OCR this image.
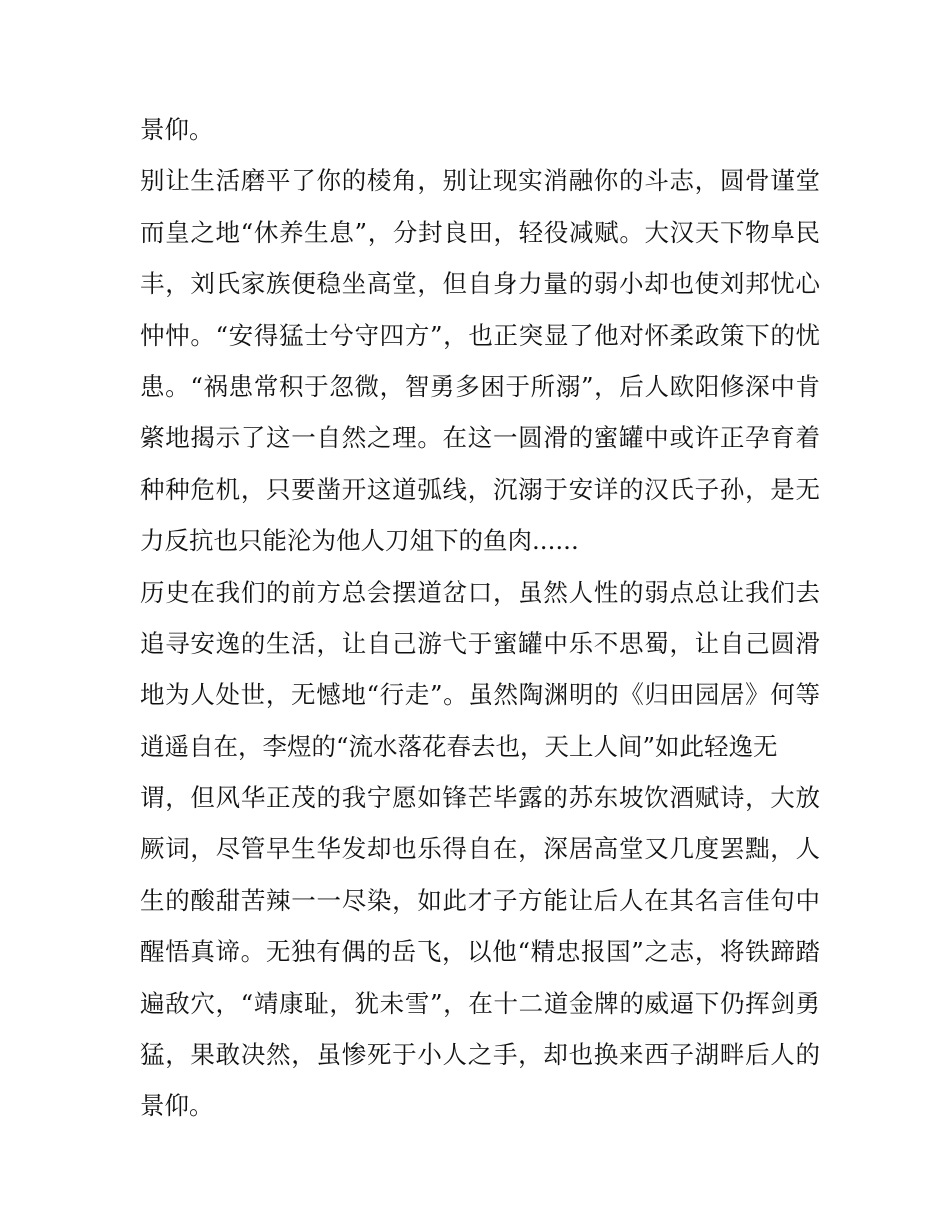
景仰。
别让生活磨平了你的棱角，别让现实消融你的斗志，圆骨谨堂
而皇之地“休养生息”，分封良田，轻役减赋。大汉天下物阜民
丰，刘氏家族便稳坐高堂，但自身力量的弱小却也使刘邦忧心
忡忡。“安得猛士兮守四方”，也正突显了他对怀柔政策下的忧
患。“祸患常积于忽微，智勇多困于所溺”，后人欧阳修深中肯
綮地揭示了这一自然之理。在这一圆滑的蜜罐中或许正孕育着
种种危机，只要凿开这道弧线，沉溺于安详的汉氏子孙，是无
力反抗也只能沦为他人刀俎下的鱼肉......
历史在我们的前方总会摆道岔口，虽然人性的弱点总让我们去
追寻安逸的生活，让自己游弋于蜜罐中乐不思蜀，让自己圆滑
地为人处世，无憾地“行走”。虽然陶渊明的《归田园居》何等
逍遥自在，李煜的“流水落花春去也，天上人间”如此轻逸无
谓，但风华正茂的我宁愿如锋芒毕露的苏东坡饮酒赋诗，大放
厥词，尽管早生华发却也乐得自在，深居高堂又几度罢黜，人
生的酸甜苦辣一一尽染，如此才子方能让后人在其名言佳句中
醒悟真谛。无独有偶的岳飞，以他“精忠报国”之志，将铁蹄踏
遍敌穴，“靖康耻，犹未雪”，在十二道金牌的威逼下仍挥剑勇
猛，果敢决然，虽惨死于小人之手，却也换来西子湖畔后人的
景仰。
